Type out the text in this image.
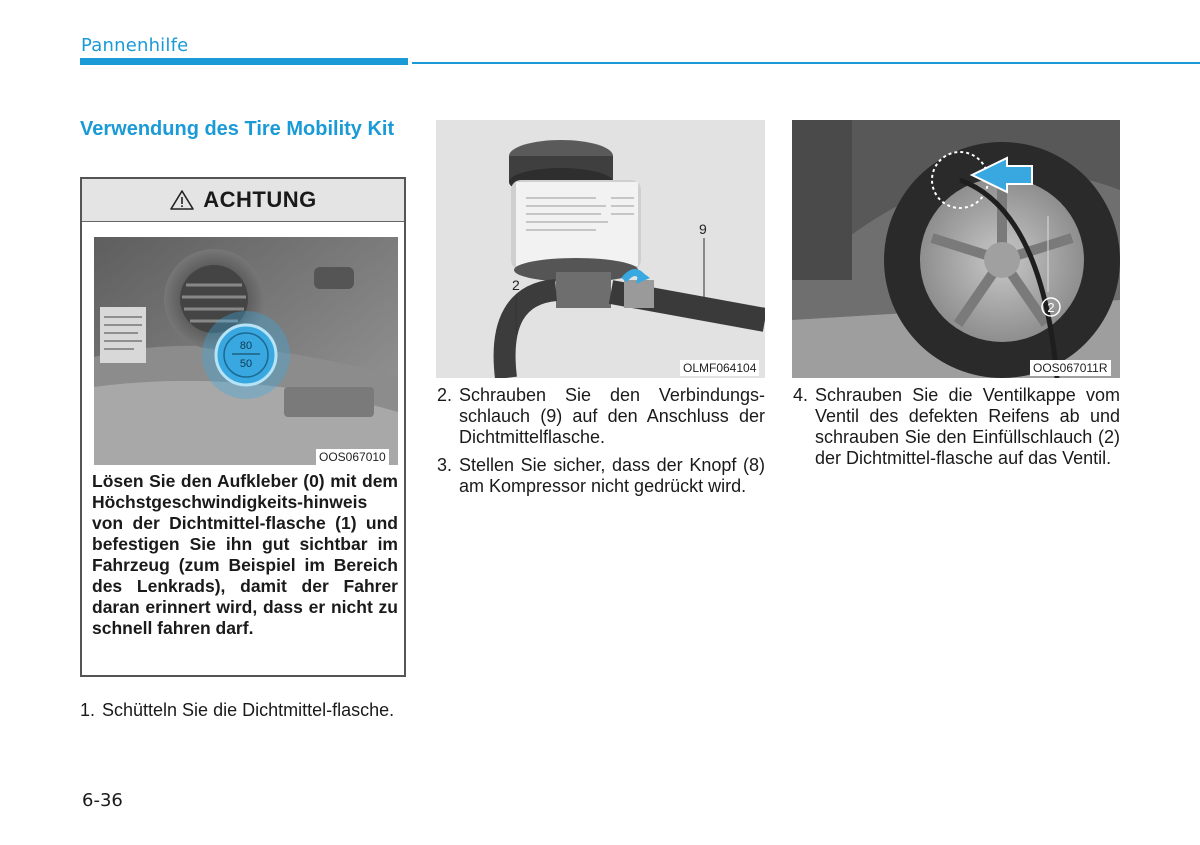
Pannenhilfe
Verwendung des Tire Mobility Kit
ACHTUNG
80
50
OOS067010
Lösen Sie den Aufkleber (0) mit dem Höchstgeschwindigkeits-hinweis von der Dichtmittel-flasche (1) und befestigen Sie ihn gut sichtbar im Fahrzeug (zum Beispiel im Bereich des Lenkrads), damit der Fahrer daran erinnert wird, dass er nicht zu schnell fahren darf.
1. Schütteln Sie die Dichtmittel-flasche.
2
9
OLMF064104
2. Schrauben Sie den Verbindungs-schlauch (9) auf den Anschluss der Dichtmittelflasche.
3. Stellen Sie sicher, dass der Knopf (8) am Kompressor nicht gedrückt wird.
2
OOS067011R
4. Schrauben Sie die Ventilkappe vom Ventil des defekten Reifens ab und schrauben Sie den Einfüllschlauch (2) der Dichtmittel-flasche auf das Ventil.
6-36
